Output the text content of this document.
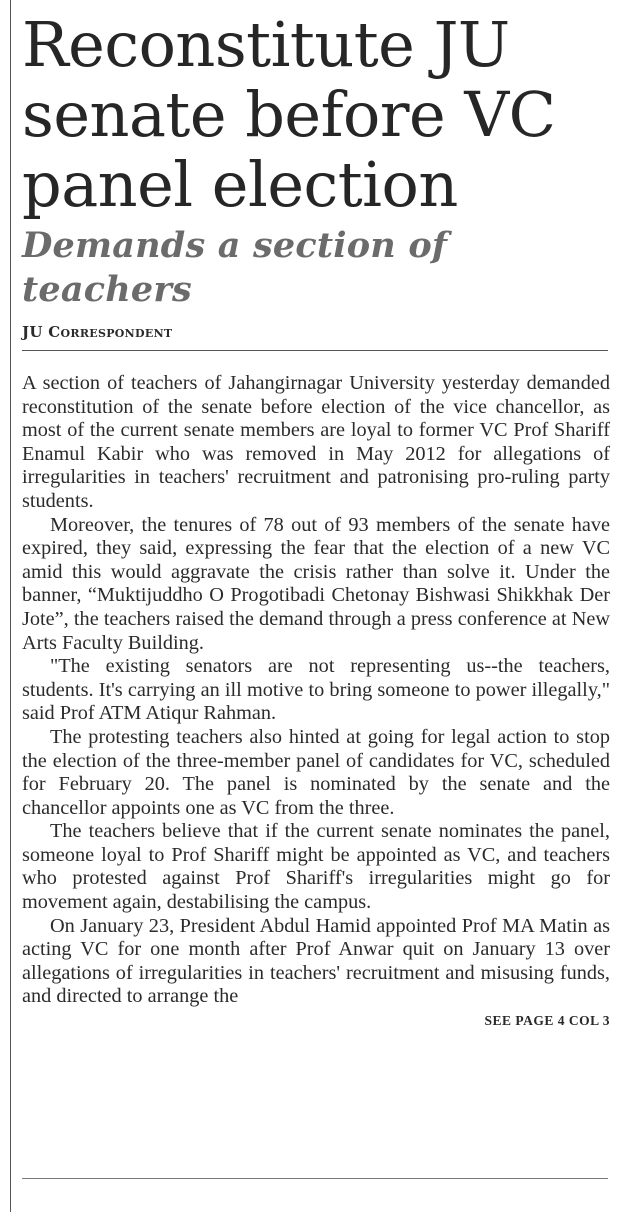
Reconstitute JU senate before VC panel election
Demands a section of teachers
JU Correspondent

A section of teachers of Jahangirnagar University yesterday demanded reconstitution of the senate before election of the vice chancellor, as most of the current senate members are loyal to former VC Prof Shariff Enamul Kabir who was removed in May 2012 for allegations of irregularities in teachers' recruitment and patronising pro-ruling party students.

Moreover, the tenures of 78 out of 93 members of the senate have expired, they said, expressing the fear that the election of a new VC amid this would aggravate the crisis rather than solve it. Under the banner, “Muktijuddho O Progotibadi Chetonay Bishwasi Shikkhak Der Jote”, the teachers raised the demand through a press conference at New Arts Faculty Building.

"The existing senators are not representing us--the teachers, students. It's carrying an ill motive to bring someone to power illegally," said Prof ATM Atiqur Rahman.

The protesting teachers also hinted at going for legal action to stop the election of the three-member panel of candidates for VC, scheduled for February 20. The panel is nominated by the senate and the chancellor appoints one as VC from the three.

The teachers believe that if the current senate nominates the panel, someone loyal to Prof Shariff might be appointed as VC, and teachers who protested against Prof Shariff's irregularities might go for movement again, destabilising the campus.

On January 23, President Abdul Hamid appointed Prof MA Matin as acting VC for one month after Prof Anwar quit on January 13 over allegations of irregularities in teachers' recruitment and misusing funds, and directed to arrange the

SEE PAGE 4 COL 3
